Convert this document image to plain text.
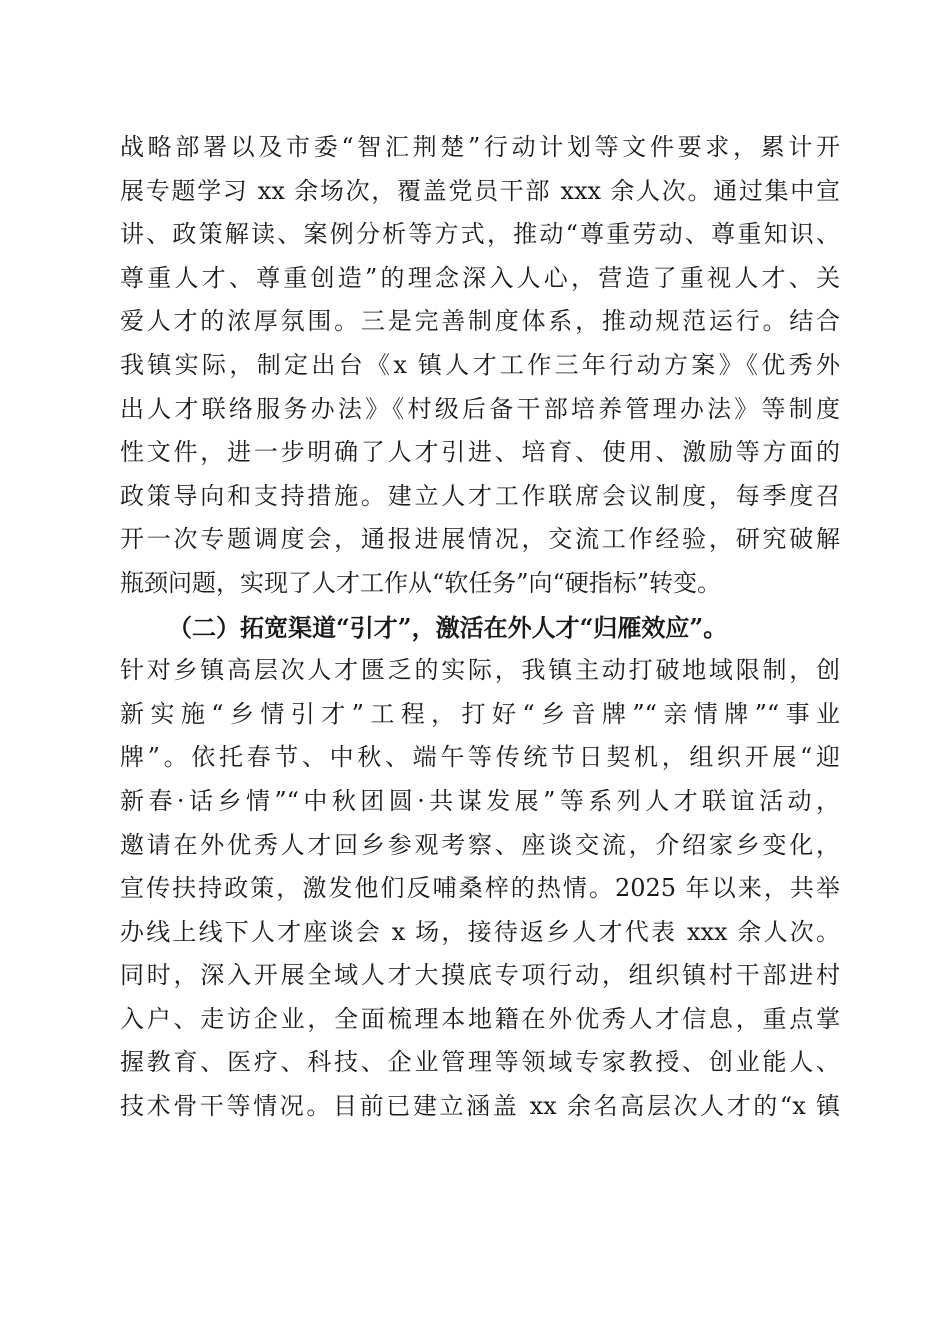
战略部署以及市委“智汇荆楚”行动计划等文件要求，累计开
展专题学习 xx 余场次，覆盖党员干部 xxx 余人次。通过集中宣
讲、政策解读、案例分析等方式，推动“尊重劳动、尊重知识、
尊重人才、尊重创造”的理念深入人心，营造了重视人才、关
爱人才的浓厚氛围。三是完善制度体系，推动规范运行。结合
我镇实际，制定出台《x 镇人才工作三年行动方案》《优秀外
出人才联络服务办法》《村级后备干部培养管理办法》等制度
性文件，进一步明确了人才引进、培育、使用、激励等方面的
政策导向和支持措施。建立人才工作联席会议制度，每季度召
开一次专题调度会，通报进展情况，交流工作经验，研究破解
瓶颈问题，实现了人才工作从“软任务”向“硬指标”转变。
（二）拓宽渠道“引才”，激活在外人才“归雁效应”。
针对乡镇高层次人才匮乏的实际，我镇主动打破地域限制，创
新实施“乡情引才”工程，打好“乡音牌”“亲情牌”“事业
牌”。依托春节、中秋、端午等传统节日契机，组织开展“迎
新春·话乡情”“中秋团圆·共谋发展”等系列人才联谊活动，
邀请在外优秀人才回乡参观考察、座谈交流，介绍家乡变化，
宣传扶持政策，激发他们反哺桑梓的热情。2025 年以来，共举
办线上线下人才座谈会 x 场，接待返乡人才代表 xxx 余人次。
同时，深入开展全域人才大摸底专项行动，组织镇村干部进村
入户、走访企业，全面梳理本地籍在外优秀人才信息，重点掌
握教育、医疗、科技、企业管理等领域专家教授、创业能人、
技术骨干等情况。目前已建立涵盖 xx 余名高层次人才的“x 镇
